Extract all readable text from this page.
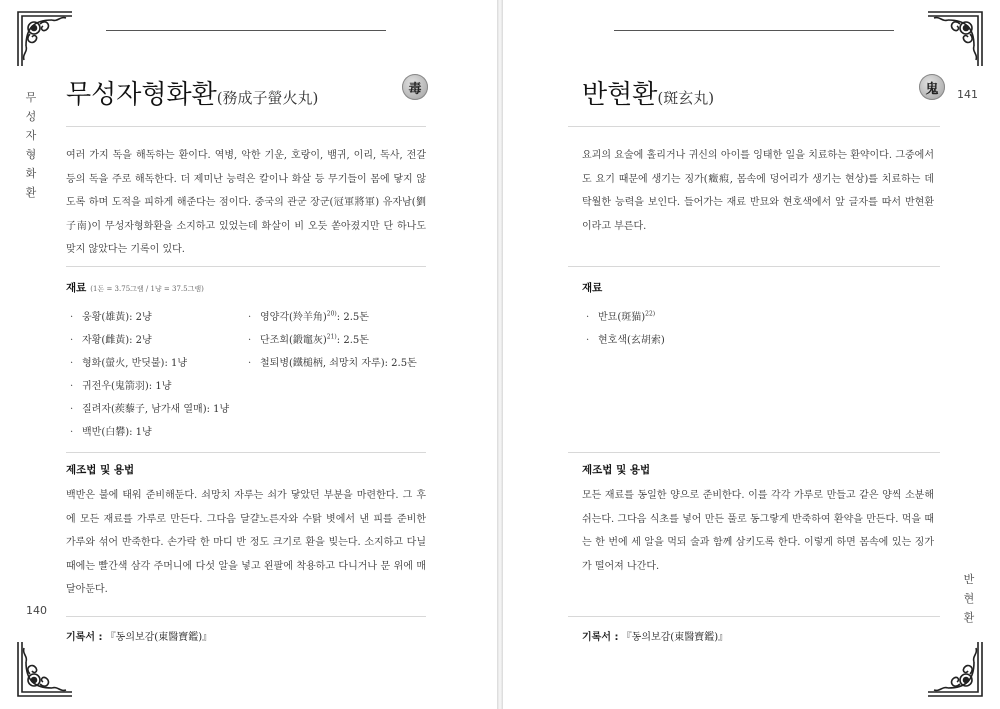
무
성
자
형
화
환
140
무성자형화환(務成子螢火丸)	毒
여러 가지 독을 해독하는 환이다. 역병, 악한 기운, 호랑이, 뱀귀, 이리, 독사, 전갈 등의 독을 주로 해독한다. 더 제미난 능력은 칼이나 화살 등 무기들이 몸에 닿지 않도록 하며 도적을 피하게 해준다는 점이다. 중국의 관군 장군(冠軍將軍) 유자남(劉子南)이 무성자형화환을 소지하고 있었는데 화살이 비 오듯 쏟아졌지만 단 하나도 맞지 않았다는 기록이 있다.
재료 (1돈 = 3.75그램 / 1냥 = 37.5그램)
· 웅황(雄黃): 2냥
· 자황(雌黃): 2냥
· 형화(螢火, 반딧불): 1냥
· 귀전우(鬼箭羽): 1냥
· 질려자(蒺藜子, 남가새 열매): 1냥
· 백반(白礬): 1냥
· 영양각(羚羊角)$^{20)}$: 2.5돈
· 단조회(鍛竈灰)$^{21)}$: 2.5돈
· 철퇴병(鐵槌柄, 쇠망치 자루): 2.5돈
제조법 및 용법
백반은 불에 태워 준비해둔다. 쇠망치 자루는 쇠가 닿았던 부분을 마련한다. 그 후에 모든 재료를 가루로 만든다. 그다음 달걀노른자와 수탉 볏에서 낸 피를 준비한 가루와 섞어 반죽한다. 손가락 한 마디 반 정도 크기로 환을 빚는다. 소지하고 다닐 때에는 빨간색 삼각 주머니에 다섯 알을 넣고 왼팔에 착용하고 다니거나 문 위에 매달아둔다.
기록서 : 『동의보감(東醫寶鑑)』
141
반
현
환
반현환(斑玄丸)	鬼
요괴의 요술에 홀리거나 귀신의 아이를 잉태한 일을 치료하는 환약이다. 그중에서도 요기 때문에 생기는 징가(癥瘕, 몸속에 덩어리가 생기는 현상)를 치료하는 데 탁월한 능력을 보인다. 들어가는 재료 반묘와 현호색에서 앞 글자를 따서 반현환이라고 부른다.
재료
· 반묘(斑猫)$^{22)}$
· 현호색(玄胡索)
제조법 및 용법
모든 재료를 동일한 양으로 준비한다. 이를 각각 가루로 만들고 같은 양씩 소분해 쉬는다. 그다음 식초를 넣어 만든 풀로 동그랗게 반죽하여 환약을 만든다. 먹을 때는 한 번에 세 알을 먹되 술과 함께 삼키도록 한다. 이렇게 하면 몸속에 있는 징가가 떨어져 나간다.
기록서 : 『동의보감(東醫寶鑑)』
